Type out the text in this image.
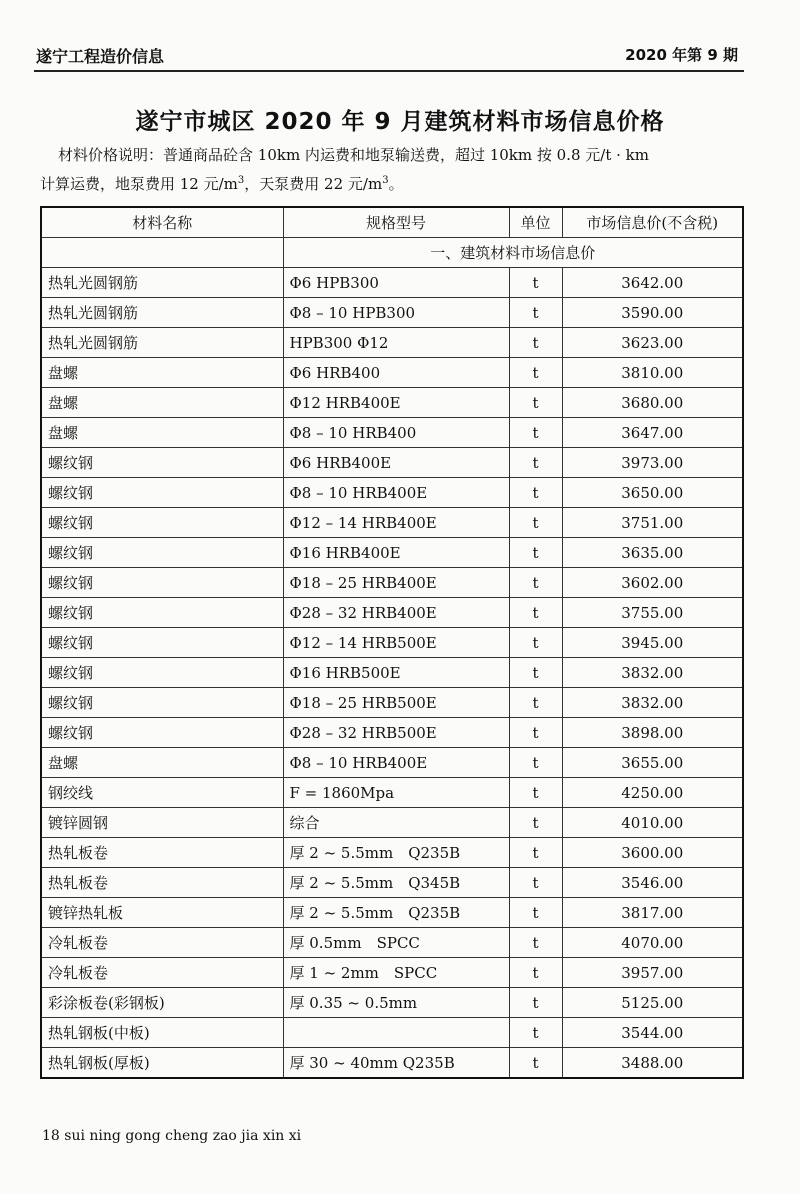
遂宁工程造价信息	2020 年第 9 期
遂宁市城区 2020 年 9 月建筑材料市场信息价格
材料价格说明：普通商品砼含 10km 内运费和地泵输送费，超过 10km 按 0.8 元/t · km
计算运费，地泵费用 12 元$/m^3$，天泵费用 22 元$/m^3$。
材料名称	规格型号	单位	市场信息价(不含税)
	一、建筑材料市场信息价		
热轧光圆钢筋	Φ6 HPB300	t	3642.00
热轧光圆钢筋	Φ8 – 10 HPB300	t	3590.00
热轧光圆钢筋	HPB300 Φ12	t	3623.00
盘螺	Φ6 HRB400	t	3810.00
盘螺	Φ12 HRB400E	t	3680.00
盘螺	Φ8 – 10 HRB400	t	3647.00
螺纹钢	Φ6 HRB400E	t	3973.00
螺纹钢	Φ8 – 10 HRB400E	t	3650.00
螺纹钢	Φ12 – 14 HRB400E	t	3751.00
螺纹钢	Φ16 HRB400E	t	3635.00
螺纹钢	Φ18 – 25 HRB400E	t	3602.00
螺纹钢	Φ28 – 32 HRB400E	t	3755.00
螺纹钢	Φ12 – 14 HRB500E	t	3945.00
螺纹钢	Φ16 HRB500E	t	3832.00
螺纹钢	Φ18 – 25 HRB500E	t	3832.00
螺纹钢	Φ28 – 32 HRB500E	t	3898.00
盘螺	Φ8 – 10 HRB400E	t	3655.00
钢绞线	F = 1860Mpa	t	4250.00
镀锌圆钢	综合	t	4010.00
热轧板卷	厚 2 ~ 5.5mm　Q235B	t	3600.00
热轧板卷	厚 2 ~ 5.5mm　Q345B	t	3546.00
镀锌热轧板	厚 2 ~ 5.5mm　Q235B	t	3817.00
冷轧板卷	厚 0.5mm　SPCC	t	4070.00
冷轧板卷	厚 1 ~ 2mm　SPCC	t	3957.00
彩涂板卷(彩钢板)	厚 0.35 ~ 0.5mm	t	5125.00
热轧钢板(中板)		t	3544.00
热轧钢板(厚板)	厚 30 ~ 40mm Q235B	t	3488.00
18 sui ning gong cheng zao jia xin xi
